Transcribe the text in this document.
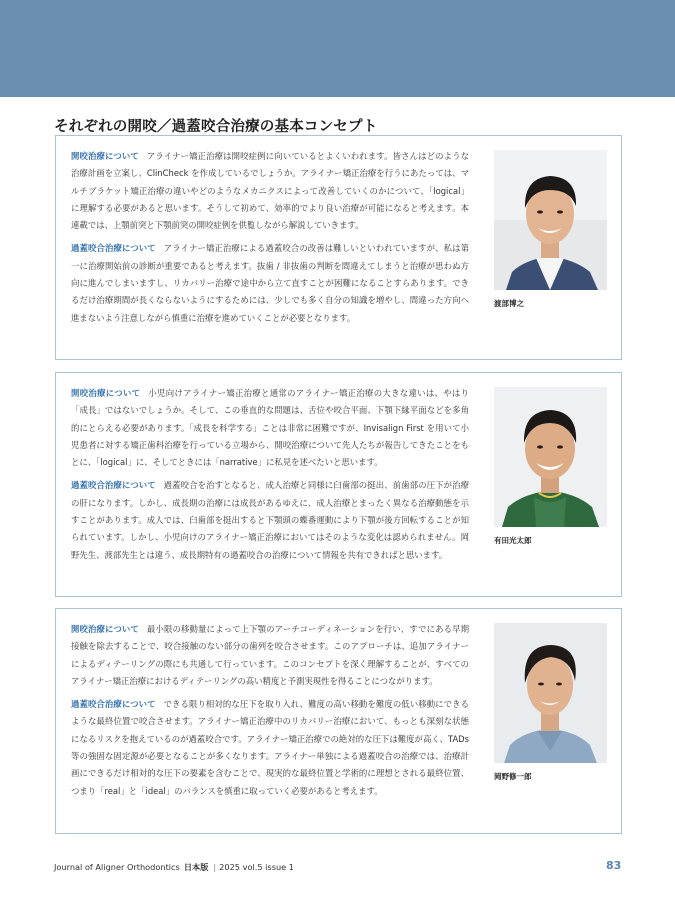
それぞれの開咬／過蓋咬合治療の基本コンセプト

開咬治療について アライナー矯正治療は開咬症例に向いているとよくいわれます。皆さんはどのような治療計画を立案し、ClinCheck を作成しているでしょうか。アライナー矯正治療を行うにあたっては、マルチブラケット矯正治療の違いやどのようなメカニクスによって改善していくのかについて、「logical」に理解する必要があると思います。そうして初めて、効率的でより良い治療が可能になると考えます。本連載では、上顎前突と下顎前突の開咬症例を供覧しながら解説していきます。

過蓋咬合治療について アライナー矯正治療による過蓋咬合の改善は難しいといわれていますが、私は第一に治療開始前の診断が重要であると考えます。抜歯 / 非抜歯の判断を間違えてしまうと治療が思わぬ方向に進んでしまいますし、リカバリー治療で途中から立て直すことが困難になることすらあります。できるだけ治療期間が長くならないようにするためには、少しでも多く自分の知識を増やし、間違った方向へ進まないよう注意しながら慎重に治療を進めていくことが必要となります。

渡部博之

開咬治療について 小児向けアライナー矯正治療と通常のアライナー矯正治療の大きな違いは、やはり「成長」ではないでしょうか。そして、この垂直的な問題は、舌位や咬合平面、下顎下縁平面などを多角的にとらえる必要があります。「成長を科学する」ことは非常に困難ですが、Invisalign First を用いて小児患者に対する矯正歯科治療を行っている立場から、開咬治療について先人たちが報告してきたことをもとに、「logical」に、そしてときには「narrative」に私見を述べたいと思います。

過蓋咬合治療について 過蓋咬合を治すとなると、成人治療と同様に臼歯部の挺出、前歯部の圧下が治療の肝になります。しかし、成長期の治療には成長があるゆえに、成人治療とまったく異なる治療動態を示すことがあります。成人では、臼歯部を挺出すると下顎頭の蝶番運動により下顎が後方回転することが知られています。しかし、小児向けのアライナー矯正治療においてはそのような変化は認められません。岡野先生、渡部先生とは違う、成長期特有の過蓋咬合の治療について情報を共有できればと思います。

有田光太郎

開咬治療について 最小限の移動量によって上下顎のアーチコーディネーションを行い、すでにある早期接触を除去することで、咬合接触のない部分の歯列を咬合させます。このアプローチは、追加アライナーによるディテーリングの際にも共通して行っています。このコンセプトを深く理解することが、すべてのアライナー矯正治療におけるディテーリングの高い精度と予測実現性を得ることにつながります。

過蓋咬合治療について できる限り相対的な圧下を取り入れ、難度の高い移動を難度の低い移動にできるような最終位置で咬合させます。アライナー矯正治療中のリカバリー治療において、もっとも深刻な状態になるリスクを抱えているのが過蓋咬合です。アライナー矯正治療での絶対的な圧下は難度が高く、TADs 等の強固な固定源が必要となることが多くなります。アライナー単独による過蓋咬合の治療では、治療計画にできるだけ相対的な圧下の要素を含むことで、現実的な最終位置と学術的に理想とされる最終位置、つまり「real」と「ideal」のバランスを慎重に取っていく必要があると考えます。

岡野修一郎
Journal of Aligner Orthodontics 日本版 | 2025 vol.5 issue 1	83
